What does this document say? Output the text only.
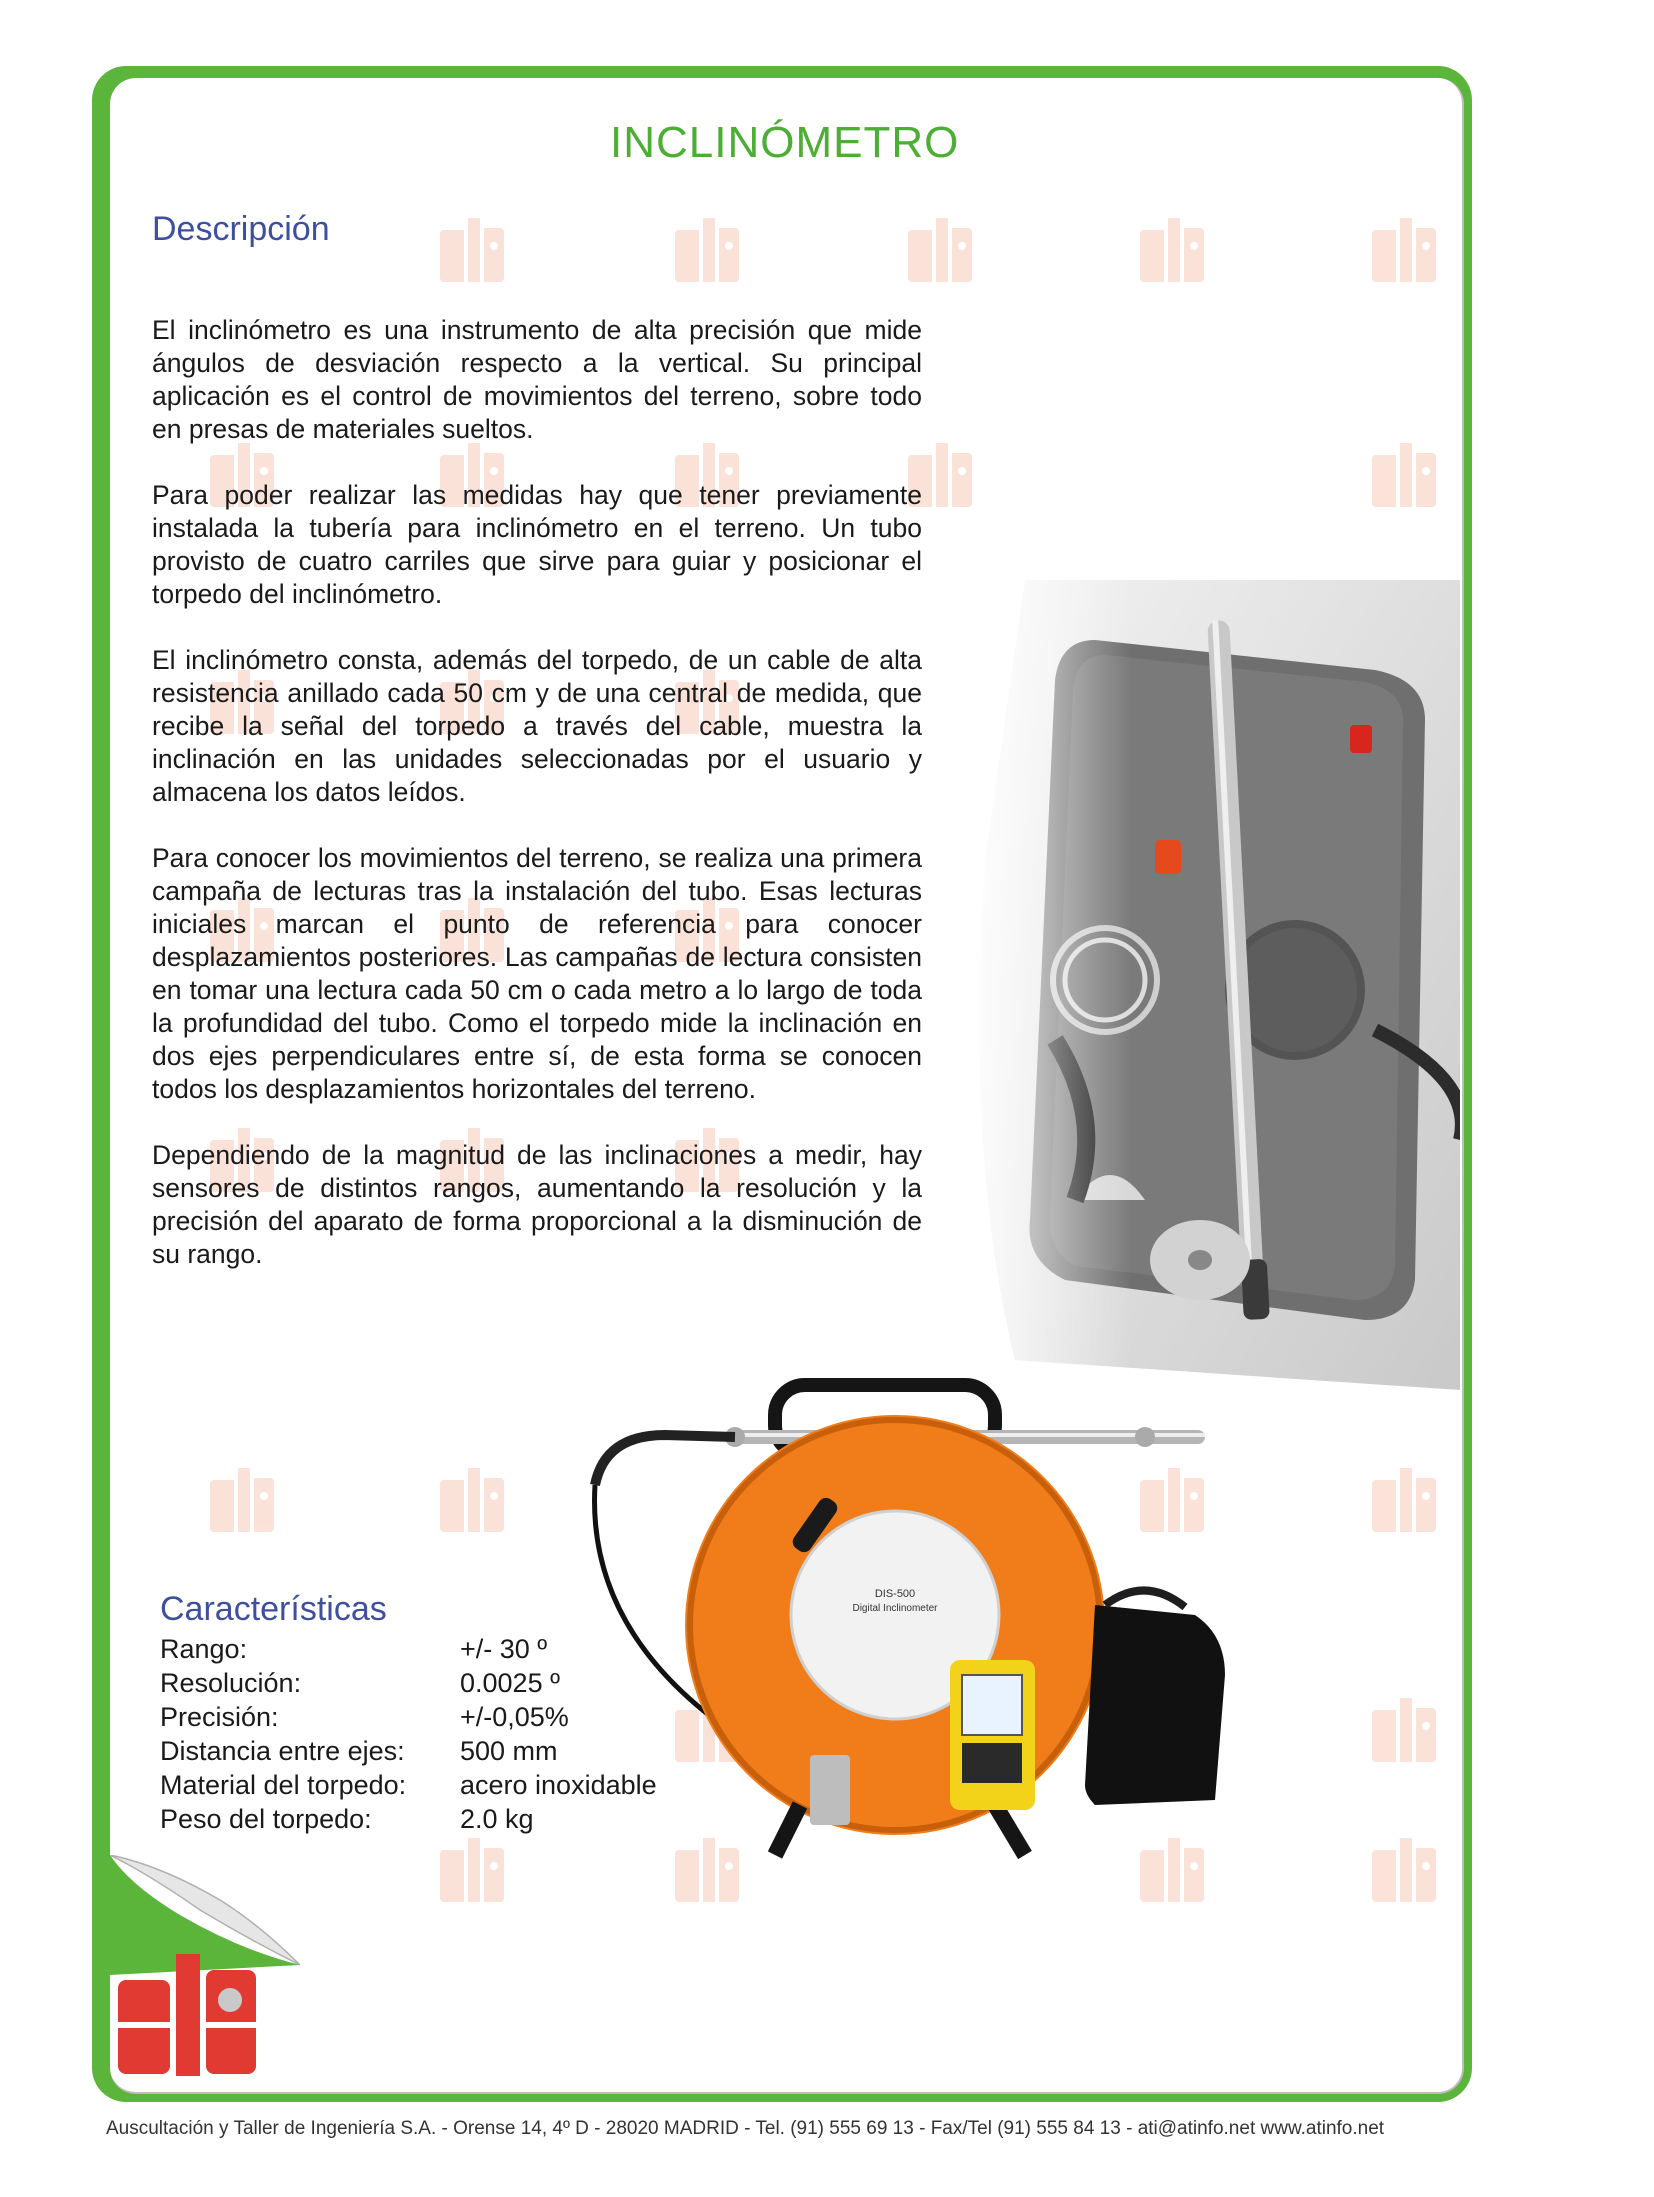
DIS-500
Digital Inclinometer
INCLINÓMETRO
Descripción

El inclinómetro es una instrumento de alta precisión que mide ángulos de desviación respecto a la vertical. Su principal aplicación es el control de movimientos del terreno, sobre todo en presas de materiales sueltos.

Para poder realizar las medidas hay que tener previamente instalada la tubería para inclinómetro en el terreno. Un tubo provisto de cuatro carriles que sirve para guiar y posicionar el torpedo del inclinómetro.

El inclinómetro consta, además del torpedo, de un cable de alta resistencia anillado cada 50 cm y de una central de medida, que recibe la señal del torpedo a través del cable, muestra la inclinación en las unidades seleccionadas por el usuario y almacena los datos leídos.

Para conocer los movimientos del terreno, se realiza una primera campaña de lecturas tras la instalación del tubo. Esas lecturas iniciales marcan el punto de referencia para conocer desplazamientos posteriores. Las campañas de lectura consisten en tomar una lectura cada 50 cm o cada metro a lo largo de toda la profundidad del tubo. Como el torpedo mide la inclinación en dos ejes perpendiculares entre sí, de esta forma se conocen todos los desplazamientos horizontales del terreno.

Dependiendo de la magnitud de las inclinaciones a medir, hay sensores de distintos rangos, aumentando la resolución y la precisión del aparato de forma proporcional a la disminución de su rango.

Características
Rango:	+/- 30 º
Resolución:	0.0025 º
Precisión:	+/-0,05%
Distancia entre ejes:	500 mm
Material del torpedo:	acero inoxidable
Peso del torpedo:	2.0 kg
Auscultación y Taller de Ingeniería S.A. - Orense 14, 4º D - 28020 MADRID - Tel. (91) 555 69 13 - Fax/Tel (91) 555 84 13 - ati@atinfo.net www.atinfo.net
